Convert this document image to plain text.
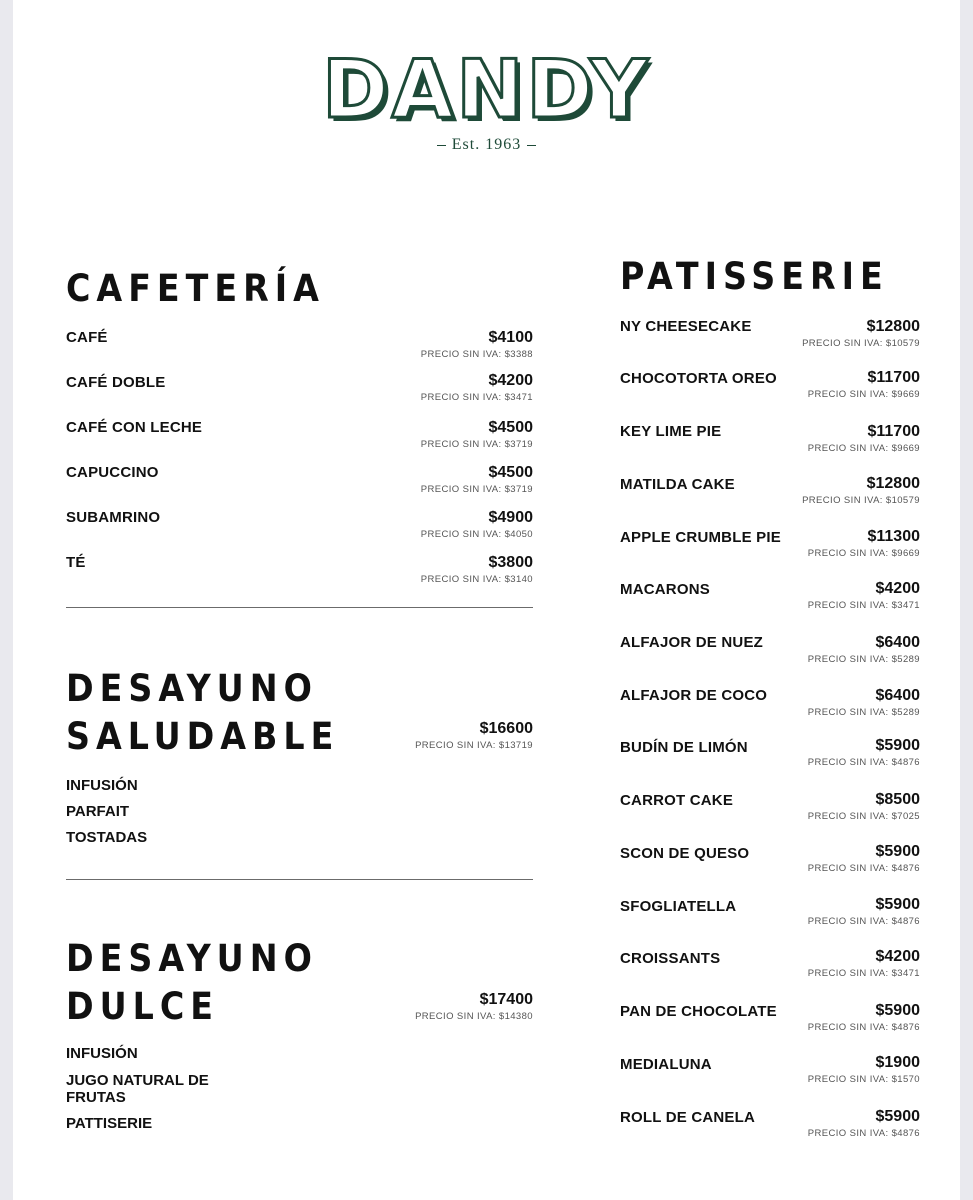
DANDY
Est. 1963
CAFETERÍA
CAFÉ	$4100
PRECIO SIN IVA: $3388
CAFÉ DOBLE	$4200
PRECIO SIN IVA: $3471
CAFÉ CON LECHE	$4500
PRECIO SIN IVA: $3719
CAPUCCINO	$4500
PRECIO SIN IVA: $3719
SUBAMRINO	$4900
PRECIO SIN IVA: $4050
TÉ	$3800
PRECIO SIN IVA: $3140
DESAYUNO
SALUDABLE	$16600
PRECIO SIN IVA: $13719
INFUSIÓN
PARFAIT
TOSTADAS
DESAYUNO
DULCE	$17400
PRECIO SIN IVA: $14380
INFUSIÓN
JUGO NATURAL DE FRUTAS
PATTISERIE
PATISSERIE
NY CHEESECAKE	$12800
PRECIO SIN IVA: $10579
CHOCOTORTA OREO	$11700
PRECIO SIN IVA: $9669
KEY LIME PIE	$11700
PRECIO SIN IVA: $9669
MATILDA CAKE	$12800
PRECIO SIN IVA: $10579
APPLE CRUMBLE PIE	$11300
PRECIO SIN IVA: $9669
MACARONS	$4200
PRECIO SIN IVA: $3471
ALFAJOR DE NUEZ	$6400
PRECIO SIN IVA: $5289
ALFAJOR DE COCO	$6400
PRECIO SIN IVA: $5289
BUDÍN DE LIMÓN	$5900
PRECIO SIN IVA: $4876
CARROT CAKE	$8500
PRECIO SIN IVA: $7025
SCON DE QUESO	$5900
PRECIO SIN IVA: $4876
SFOGLIATELLA	$5900
PRECIO SIN IVA: $4876
CROISSANTS	$4200
PRECIO SIN IVA: $3471
PAN DE CHOCOLATE	$5900
PRECIO SIN IVA: $4876
MEDIALUNA	$1900
PRECIO SIN IVA: $1570
ROLL DE CANELA	$5900
PRECIO SIN IVA: $4876
